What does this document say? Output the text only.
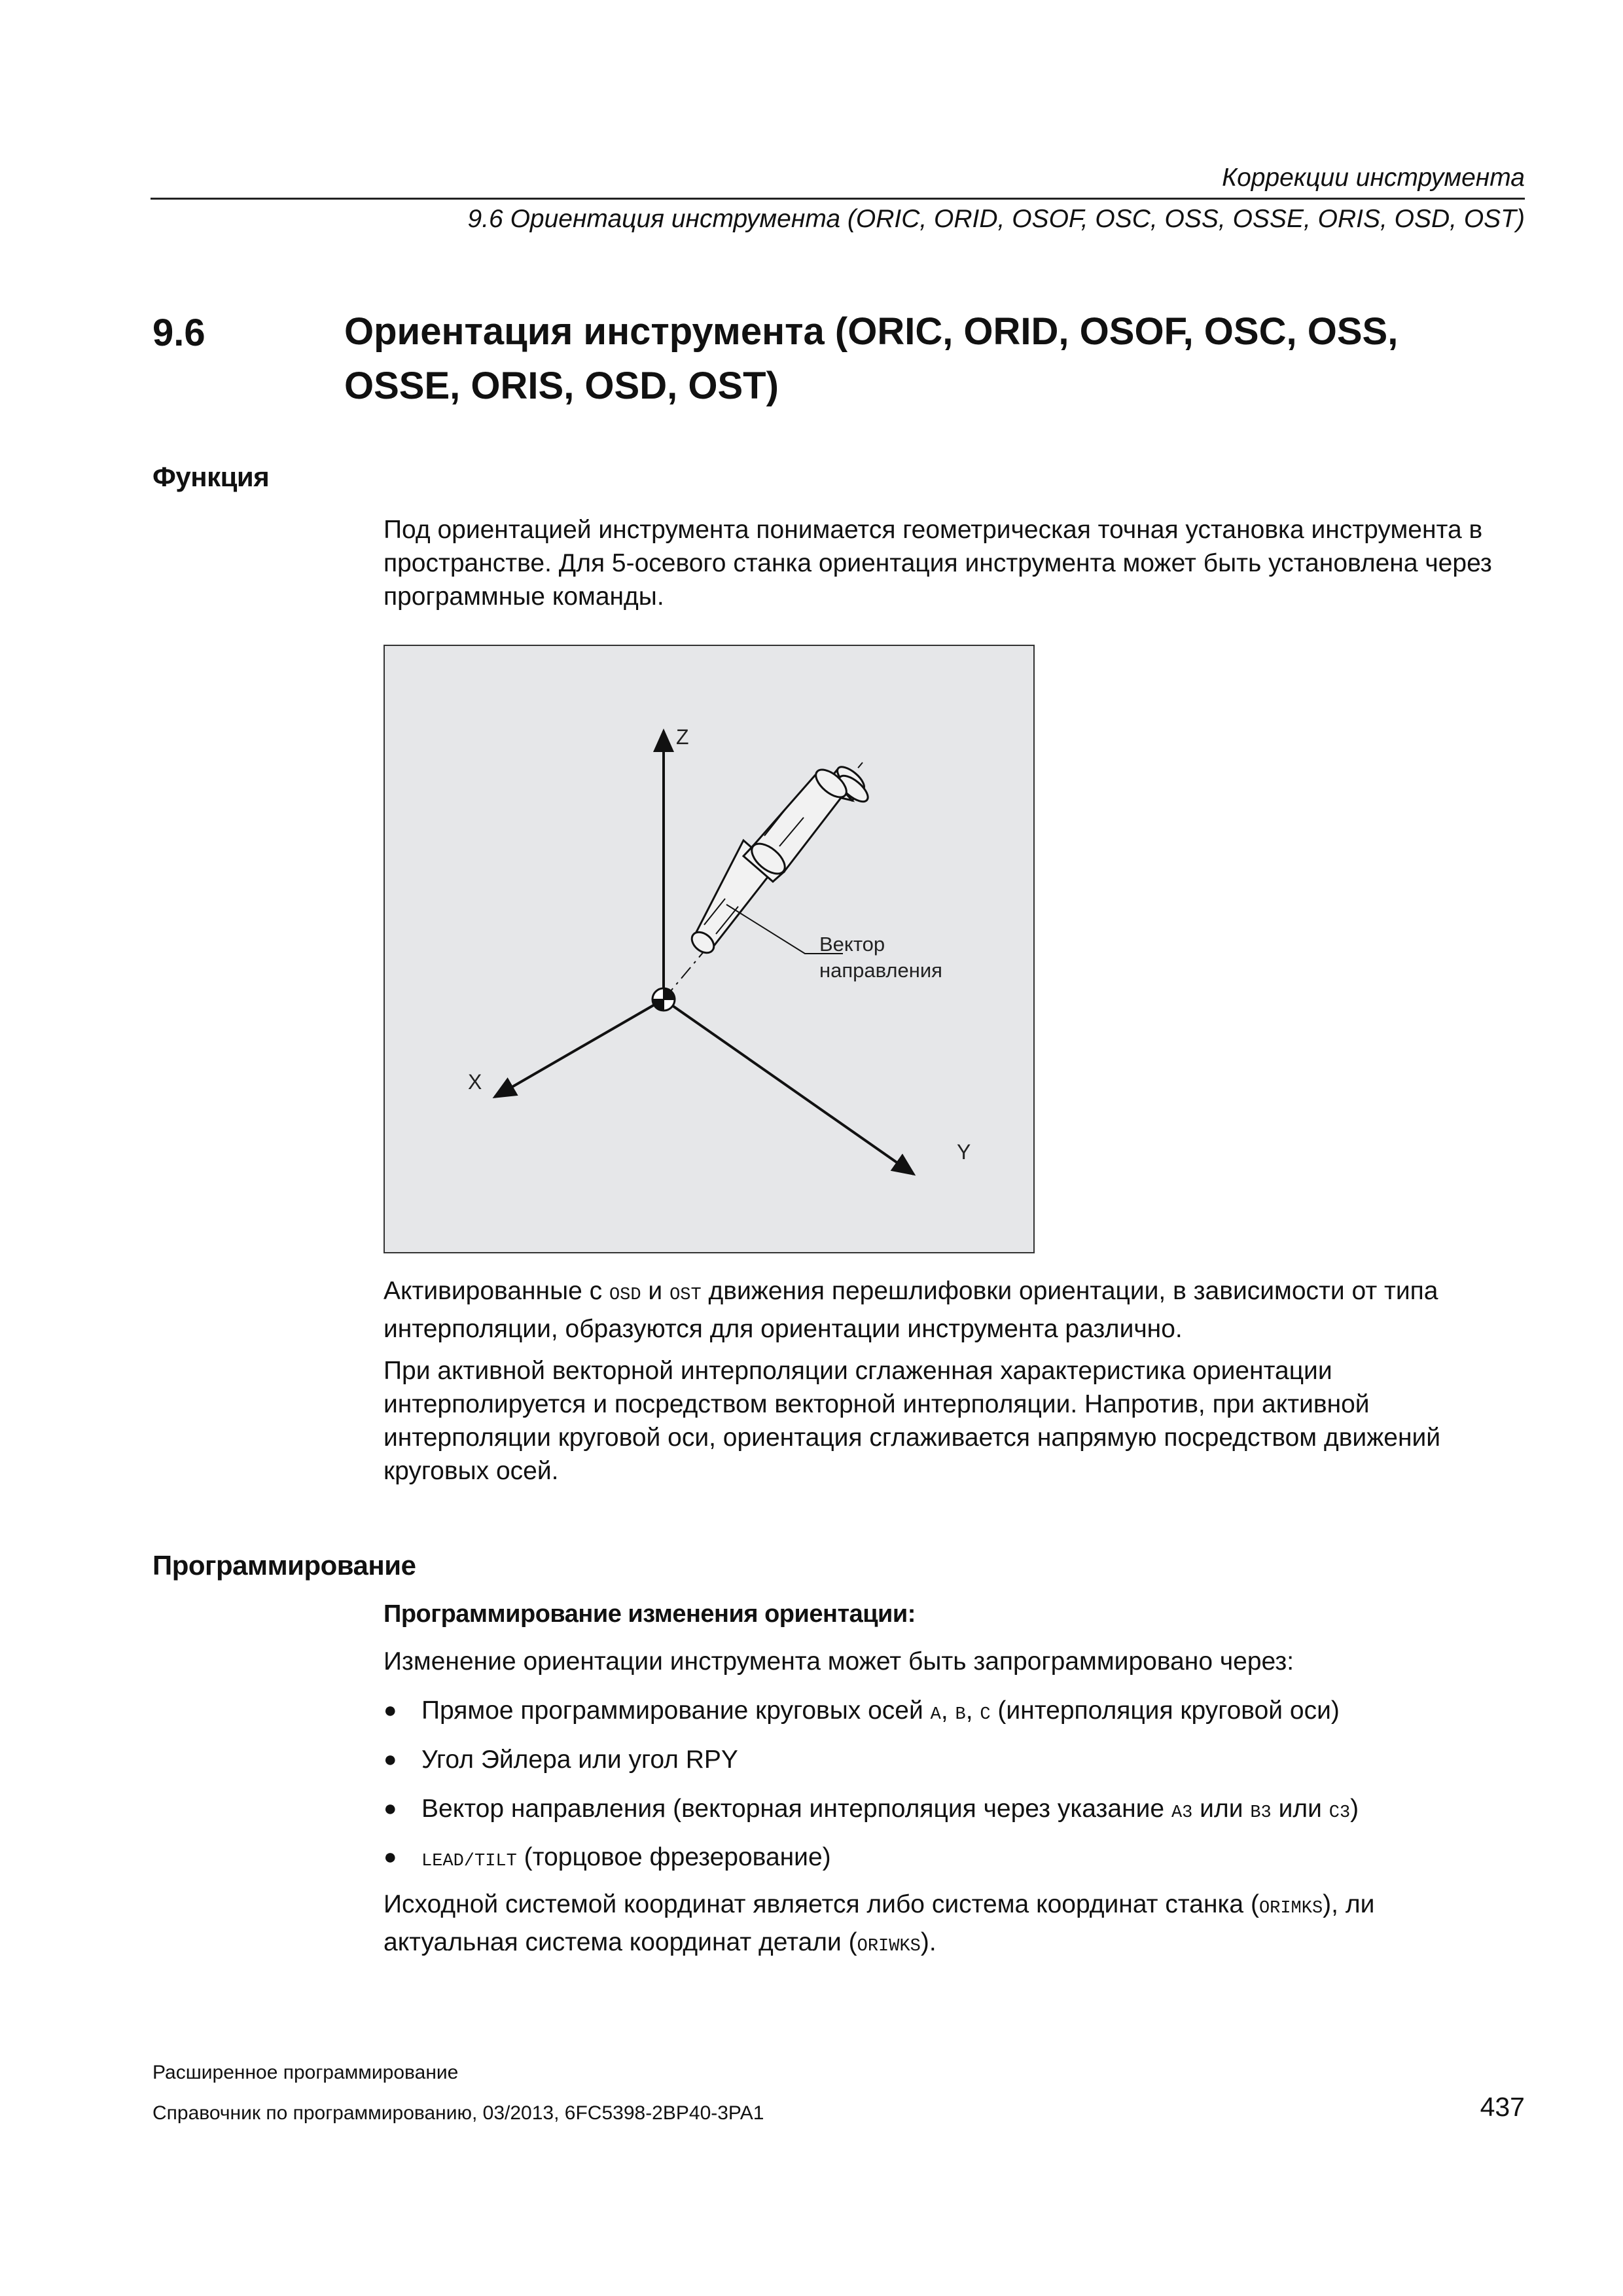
Коррекции инструмента
9.6 Ориентация инструмента (ORIC, ORID, OSOF, OSC, OSS, OSSE, ORIS, OSD, OST)
9.6	Ориентация инструмента (ORIC, ORID, OSOF, OSC, OSS, OSSE, ORIS, OSD, OST)
Функция

Под ориентацией инструмента понимается геометрическая точная установка инструмента в пространстве. Для 5-осевого станка ориентация инструмента может быть установлена через программные команды.

Z
X
Y
Вектор
направления

Активированные с OSD и OST движения перешлифовки ориентации, в зависимости от типа интерполяции, образуются для ориентации инструмента различно.

При активной векторной интерполяции сглаженная характеристика ориентации интерполируется и посредством векторной интерполяции. Напротив, при активной интерполяции круговой оси, ориентация сглаживается напрямую посредством движений круговых осей.

Программирование
Программирование изменения ориентации:

Изменение ориентации инструмента может быть запрограммировано через:

● Прямое программирование круговых осей A, B, C (интерполяция круговой оси)
● Угол Эйлера или угол RPY
● Вектор направления (векторная интерполяция через указание A3 или B3 или C3)
● LEAD/TILT (торцовое фрезерование)

Исходной системой координат является либо система координат станка (ORIMKS), ли актуальная система координат детали (ORIWKS).

Расширенное программирование
Справочник по программированию, 03/2013, 6FC5398-2BP40-3PA1	437
